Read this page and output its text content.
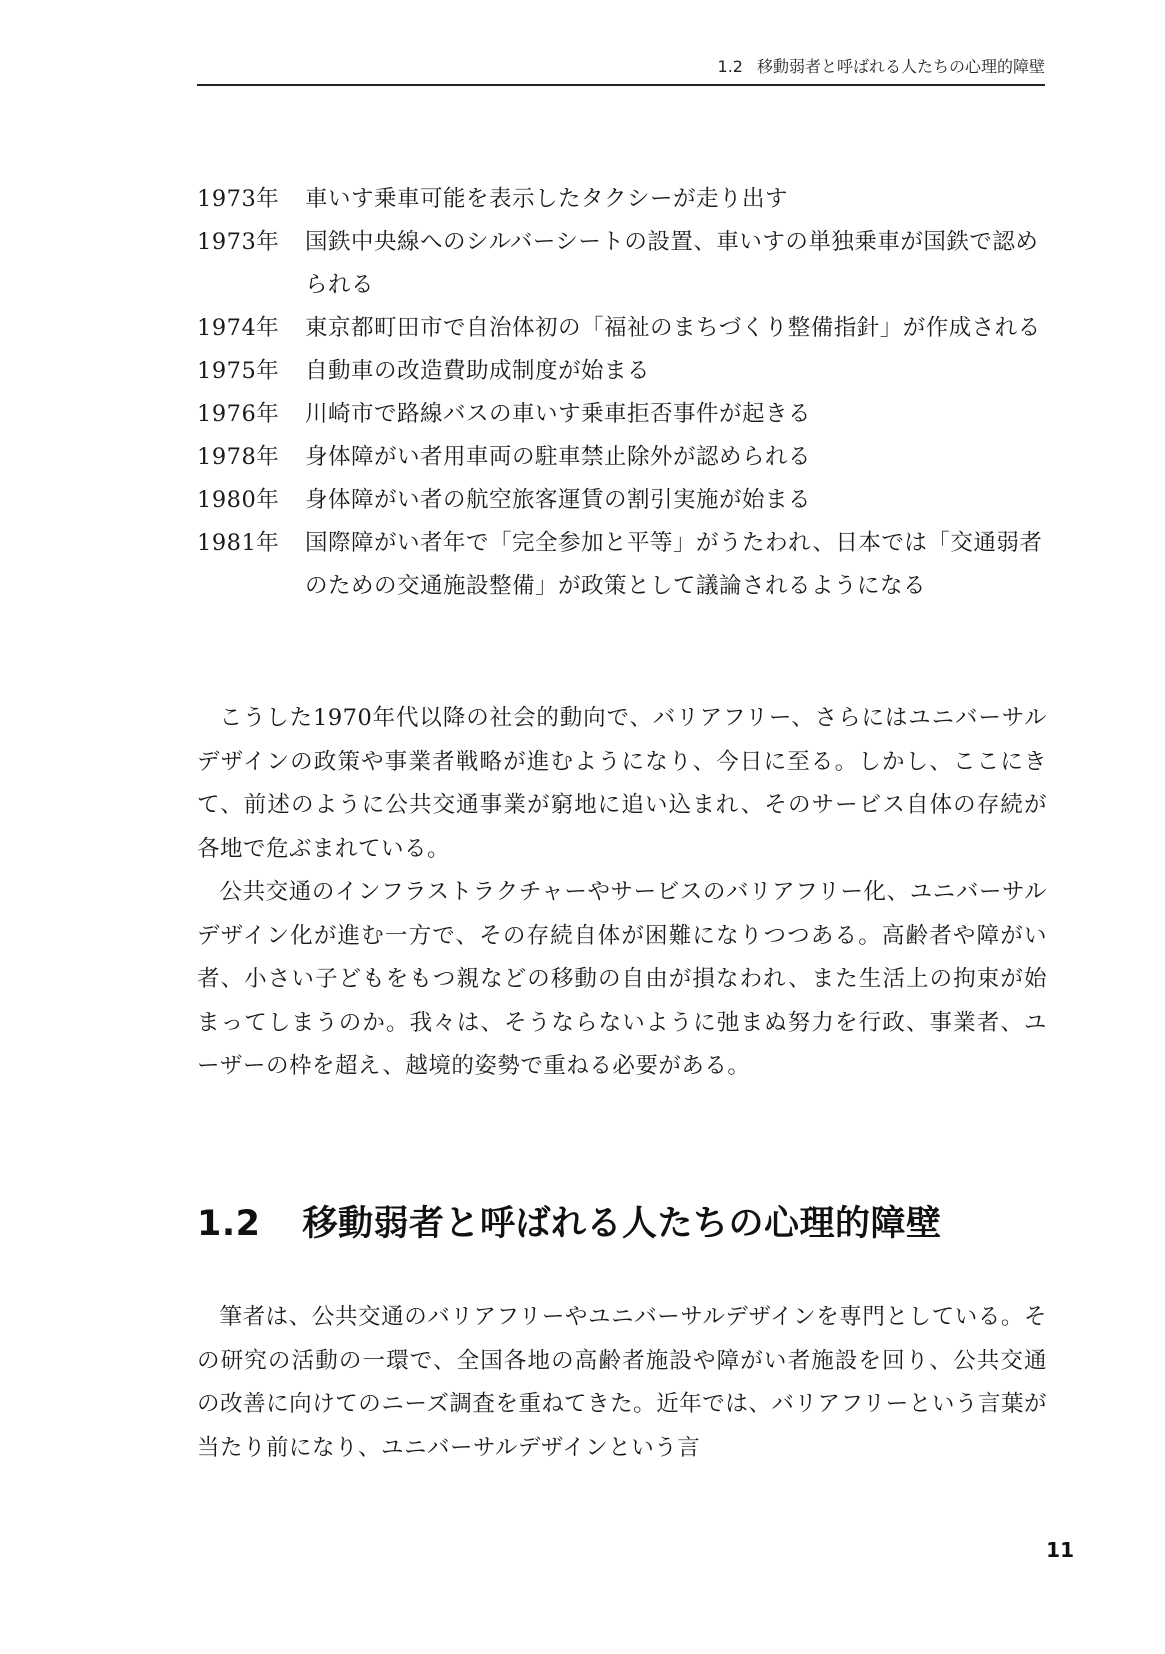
1.2 移動弱者と呼ばれる人たちの心理的障壁
1973年	車いす乗車可能を表示したタクシーが走り出す
1973年	国鉄中央線へのシルバーシートの設置、車いすの単独乗車が国鉄で認められる
1974年	東京都町田市で自治体初の「福祉のまちづくり整備指針」が作成される
1975年	自動車の改造費助成制度が始まる
1976年	川崎市で路線バスの車いす乗車拒否事件が起きる
1978年	身体障がい者用車両の駐車禁止除外が認められる
1980年	身体障がい者の航空旅客運賃の割引実施が始まる
1981年	国際障がい者年で「完全参加と平等」がうたわれ、日本では「交通弱者のための交通施設整備」が政策として議論されるようになる

こうした1970年代以降の社会的動向で、バリアフリー、さらにはユニバーサルデザインの政策や事業者戦略が進むようになり、今日に至る。しかし、ここにきて、前述のように公共交通事業が窮地に追い込まれ、そのサービス自体の存続が各地で危ぶまれている。

公共交通のインフラストラクチャーやサービスのバリアフリー化、ユニバーサルデザイン化が進む一方で、その存続自体が困難になりつつある。高齢者や障がい者、小さい子どもをもつ親などの移動の自由が損なわれ、また生活上の拘束が始まってしまうのか。我々は、そうならないように弛まぬ努力を行政、事業者、ユーザーの枠を超え、越境的姿勢で重ねる必要がある。

1.2 移動弱者と呼ばれる人たちの心理的障壁

筆者は、公共交通のバリアフリーやユニバーサルデザインを専門としている。その研究の活動の一環で、全国各地の高齢者施設や障がい者施設を回り、公共交通の改善に向けてのニーズ調査を重ねてきた。近年では、バリアフリーという言葉が当たり前になり、ユニバーサルデザインという言

11
